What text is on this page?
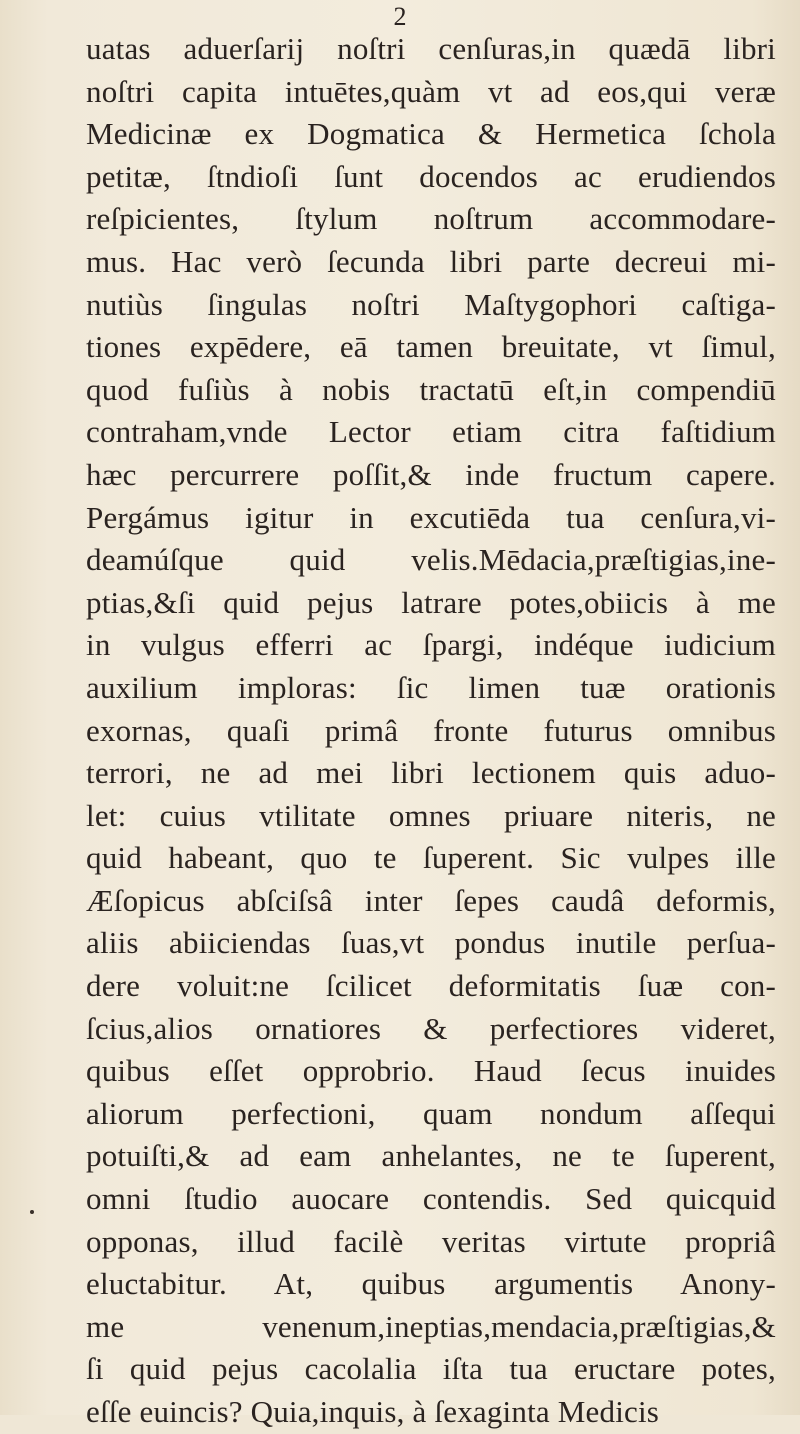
2
uatas aduerſarij noſtri cenſuras,in quædā libri
noſtri capita intuētes,quàm vt ad eos,qui veræ
Medicinæ ex Dogmatica & Hermetica ſchola
petitæ, ſtndioſi ſunt docendos ac erudiendos
reſpicientes, ſtylum noſtrum accommodare-
mus. Hac verò ſecunda libri parte decreui mi-
nutiùs ſingulas noſtri Maſtygophori caſtiga-
tiones expēdere, eā tamen breuitate, vt ſimul,
quod fuſiùs à nobis tractatū eſt,in compendiū
contraham,vnde Lector etiam citra faſtidium
hæc percurrere poſſit,& inde fructum capere.
Pergámus igitur in excutiēda tua cenſura,vi-
deamúſque quid velis.Mēdacia,præſtigias,ine-
ptias,&ſi quid pejus latrare potes,obiicis à me
in vulgus efferri ac ſpargi, indéque iudicium
auxilium imploras: ſic limen tuæ orationis
exornas, quaſi primâ fronte futurus omnibus
terrori, ne ad mei libri lectionem quis aduo-
let: cuius vtilitate omnes priuare niteris, ne
quid habeant, quo te ſuperent. Sic vulpes ille
Æſopicus abſciſsâ inter ſepes caudâ deformis,
aliis abiiciendas ſuas,vt pondus inutile perſua-
dere voluit:ne ſcilicet deformitatis ſuæ con-
ſcius,alios ornatiores & perfectiores videret,
quibus eſſet opprobrio. Haud ſecus inuides
aliorum perfectioni, quam nondum aſſequi
potuiſti,& ad eam anhelantes, ne te ſuperent,
omni ſtudio auocare contendis. Sed quicquid
opponas, illud facilè veritas virtute propriâ
eluctabitur. At, quibus argumentis Anony-
me venenum,ineptias,mendacia,præſtigias,&
ſi quid pejus cacolalia iſta tua eructare potes,
eſſe euincis? Quia,inquis, à ſexaginta Medicis
